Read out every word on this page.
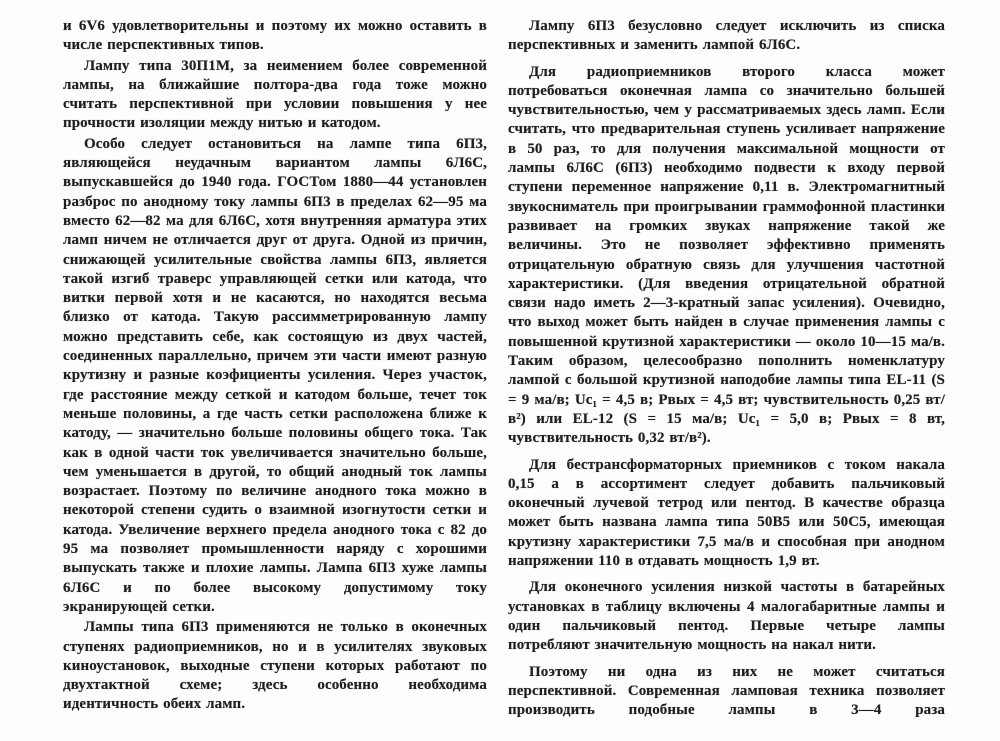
и 6V6 удовлетворительны и поэтому их можно оставить в числе перспективных типов.

Лампу типа 30П1М, за неимением более современной лампы, на ближайшие полтора-два года тоже можно считать перспективной при условии повышения у нее прочности изоляции между нитью и катодом.

Особо следует остановиться на лампе типа 6П3, являющейся неудачным вариантом лампы 6Л6С, выпускавшейся до 1940 года. ГОСТом 1880—44 установлен разброс по анодному току лампы 6П3 в пределах 62—95 ма вместо 62—82 ма для 6Л6С, хотя внутренняя арматура этих ламп ничем не отличается друг от друга. Одной из причин, снижающей усилительные свойства лампы 6П3, является такой изгиб траверс управляющей сетки или катода, что витки первой хотя и не касаются, но находятся весьма близко от катода. Такую рассимметрированную лампу можно представить себе, как состоящую из двух частей, соединенных параллельно, причем эти части имеют разную крутизну и разные коэфициенты усиления. Через участок, где расстояние между сеткой и катодом больше, течет ток меньше половины, а где часть сетки расположена ближе к катоду, — значительно больше половины общего тока. Так как в одной части ток увеличивается значительно больше, чем уменьшается в другой, то общий анодный ток лампы возрастает. Поэтому по величине анодного тока можно в некоторой степени судить о взаимной изогнутости сетки и катода. Увеличение верхнего предела анодного тока с 82 до 95 ма позволяет промышленности наряду с хорошими выпускать также и плохие лампы. Лампа 6П3 хуже лампы 6Л6С и по более высокому допустимому току экранирующей сетки.

Лампы типа 6П3 применяются не только в оконечных ступенях радиоприемников, но и в усилителях звуковых киноустановок, выходные ступени которых работают по двухтактной схеме; здесь особенно необходима идентичность обеих ламп.

Лампу 6П3 безусловно следует исключить из списка перспективных и заменить лампой 6Л6С.

Для радиоприемников второго класса может потребоваться оконечная лампа со значительно большей чувствительностью, чем у рассматриваемых здесь ламп. Если считать, что предварительная ступень усиливает напряжение в 50 раз, то для получения максимальной мощности от лампы 6Л6С (6П3) необходимо подвести к входу первой ступени переменное напряжение 0,11 в. Электромагнитный звукосниматель при проигрывании граммофонной пластинки развивает на громких звуках напряжение такой же величины. Это не позволяет эффективно применять отрицательную обратную связь для улучшения частотной характеристики. (Для введения отрицательной обратной связи надо иметь 2—3-кратный запас усиления). Очевидно, что выход может быть найден в случае применения лампы с повышенной крутизной характеристики — около 10—15 ма/в. Таким образом, целесообразно пополнить номенклатуру лампой с большой крутизной наподобие лампы типа EL-11 (S = 9 ма/в; Uc₁ = 4,5 в; Pвых = 4,5 вт; чувствительность 0,25 вт/в²) или EL-12 (S = 15 ма/в; Uc₁ = 5,0 в; Pвых = 8 вт, чувствительность 0,32 вт/в²).

Для бестрансформаторных приемников с током накала 0,15 а в ассортимент следует добавить пальчиковый оконечный лучевой тетрод или пентод. В качестве образца может быть названа лампа типа 50В5 или 50С5, имеющая крутизну характеристики 7,5 ма/в и способная при анодном напряжении 110 в отдавать мощность 1,9 вт.

Для оконечного усиления низкой частоты в батарейных установках в таблицу включены 4 малогабаритные лампы и один пальчиковый пентод. Первые четыре лампы потребляют значительную мощность на накал нити.

Поэтому ни одна из них не может считаться перспективной. Современная ламповая техника позволяет производить подобные лампы в 3—4 раза
